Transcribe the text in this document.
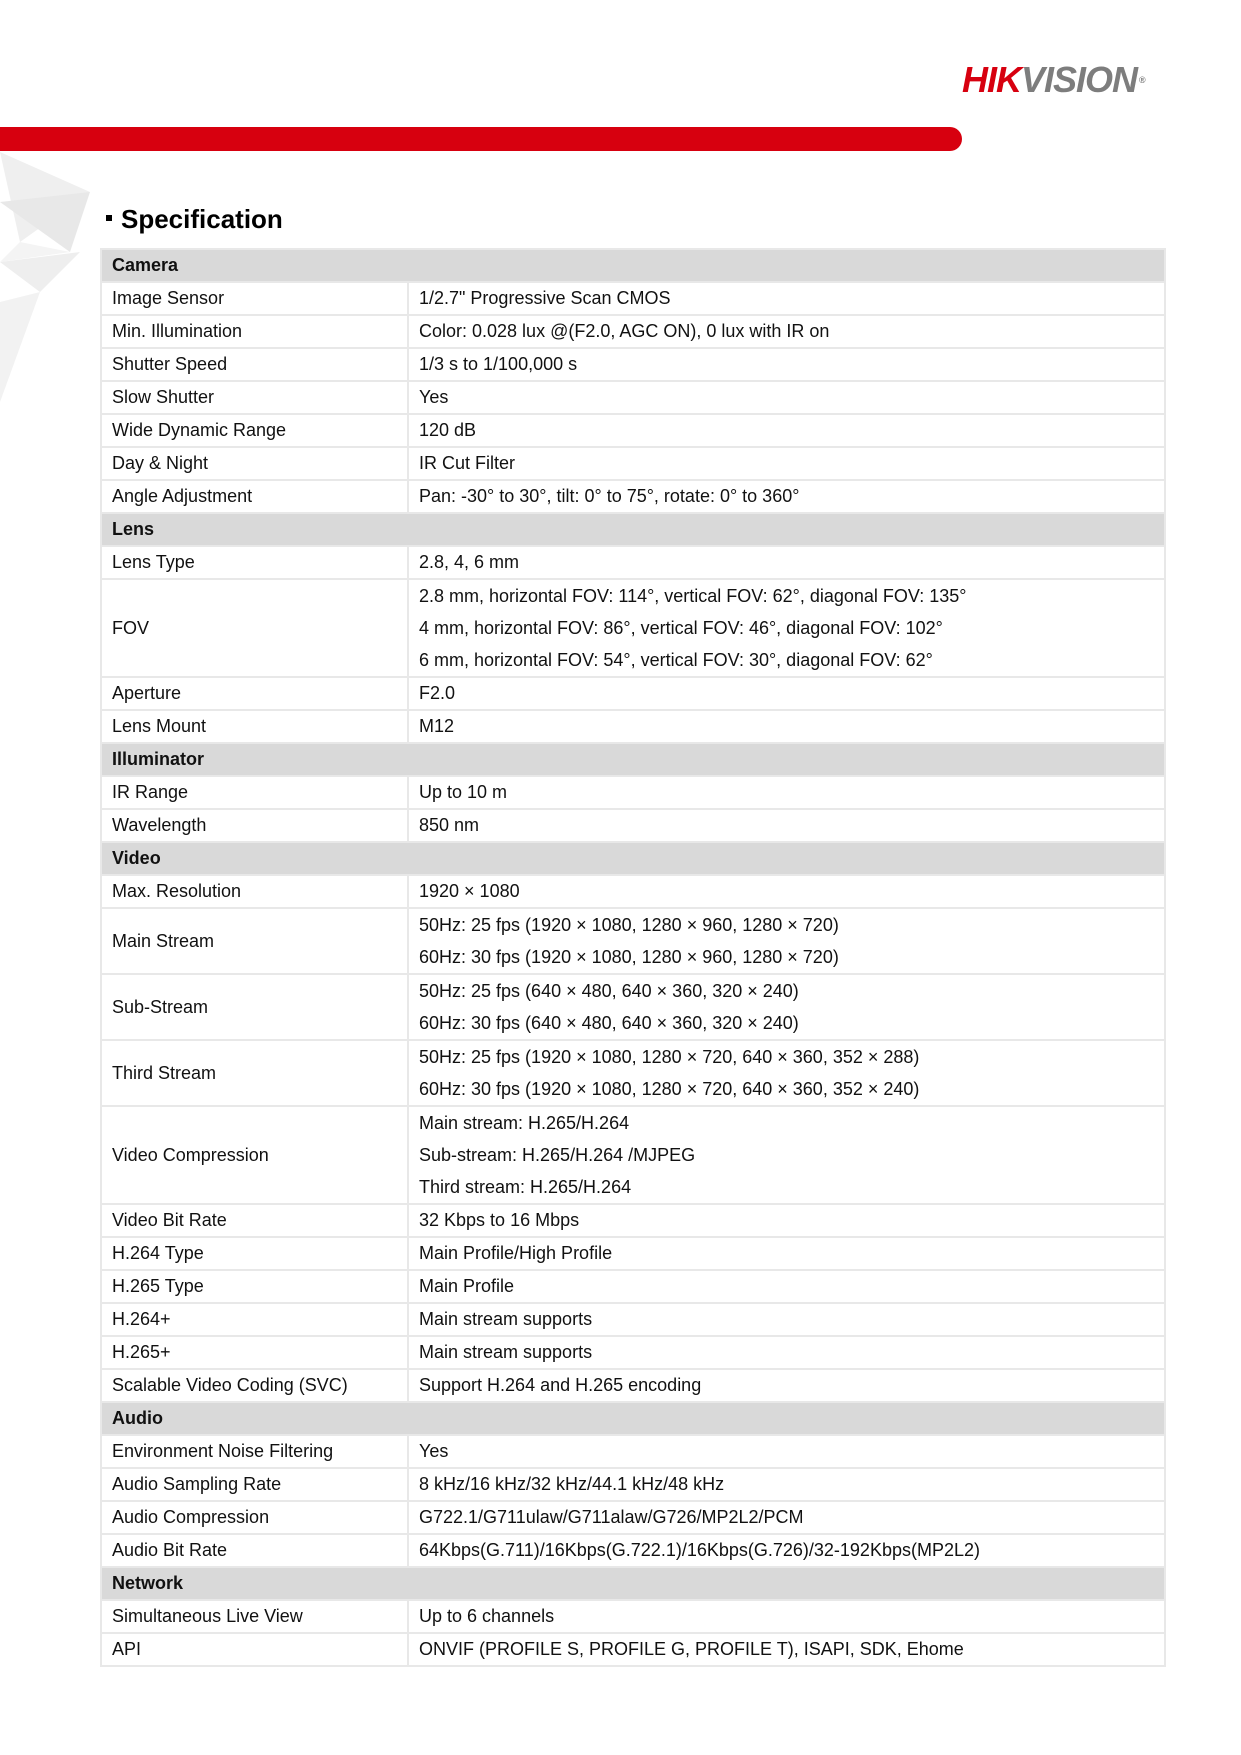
HIKVISION ®
Specification
Camera	
Image Sensor	1/2.7" Progressive Scan CMOS

Min. Illumination	Color: 0.028 lux @(F2.0, AGC ON), 0 lux with IR on

Shutter Speed	1/3 s to 1/100,000 s

Slow Shutter	Yes

Wide Dynamic Range	120 dB

Day & Night	IR Cut Filter

Angle Adjustment	Pan: -30° to 30°, tilt: 0° to 75°, rotate: 0° to 360°

Lens	
Lens Type	2.8, 4, 6 mm

FOV	2.8 mm, horizontal FOV: 114°, vertical FOV: 62°, diagonal FOV: 135°
4 mm, horizontal FOV: 86°, vertical FOV: 46°, diagonal FOV: 102°
6 mm, horizontal FOV: 54°, vertical FOV: 30°, diagonal FOV: 62°

Aperture	F2.0

Lens Mount	M12

Illuminator	
IR Range	Up to 10 m

Wavelength	850 nm

Video	
Max. Resolution	1920 × 1080

Main Stream	50Hz: 25 fps (1920 × 1080, 1280 × 960, 1280 × 720)
60Hz: 30 fps (1920 × 1080, 1280 × 960, 1280 × 720)

Sub-Stream	50Hz: 25 fps (640 × 480, 640 × 360, 320 × 240)
60Hz: 30 fps (640 × 480, 640 × 360, 320 × 240)

Third Stream	50Hz: 25 fps (1920 × 1080, 1280 × 720, 640 × 360, 352 × 288)
60Hz: 30 fps (1920 × 1080, 1280 × 720, 640 × 360, 352 × 240)

Video Compression	Main stream: H.265/H.264
Sub-stream: H.265/H.264 /MJPEG
Third stream: H.265/H.264

Video Bit Rate	32 Kbps to 16 Mbps

H.264 Type	Main Profile/High Profile

H.265 Type	Main Profile

H.264+	Main stream supports

H.265+	Main stream supports

Scalable Video Coding (SVC)	Support H.264 and H.265 encoding

Audio	
Environment Noise Filtering	Yes

Audio Sampling Rate	8 kHz/16 kHz/32 kHz/44.1 kHz/48 kHz

Audio Compression	G722.1/G711ulaw/G711alaw/G726/MP2L2/PCM

Audio Bit Rate	64Kbps(G.711)/16Kbps(G.722.1)/16Kbps(G.726)/32-192Kbps(MP2L2)

Network	
Simultaneous Live View	Up to 6 channels

API	ONVIF (PROFILE S, PROFILE G, PROFILE T), ISAPI, SDK, Ehome
